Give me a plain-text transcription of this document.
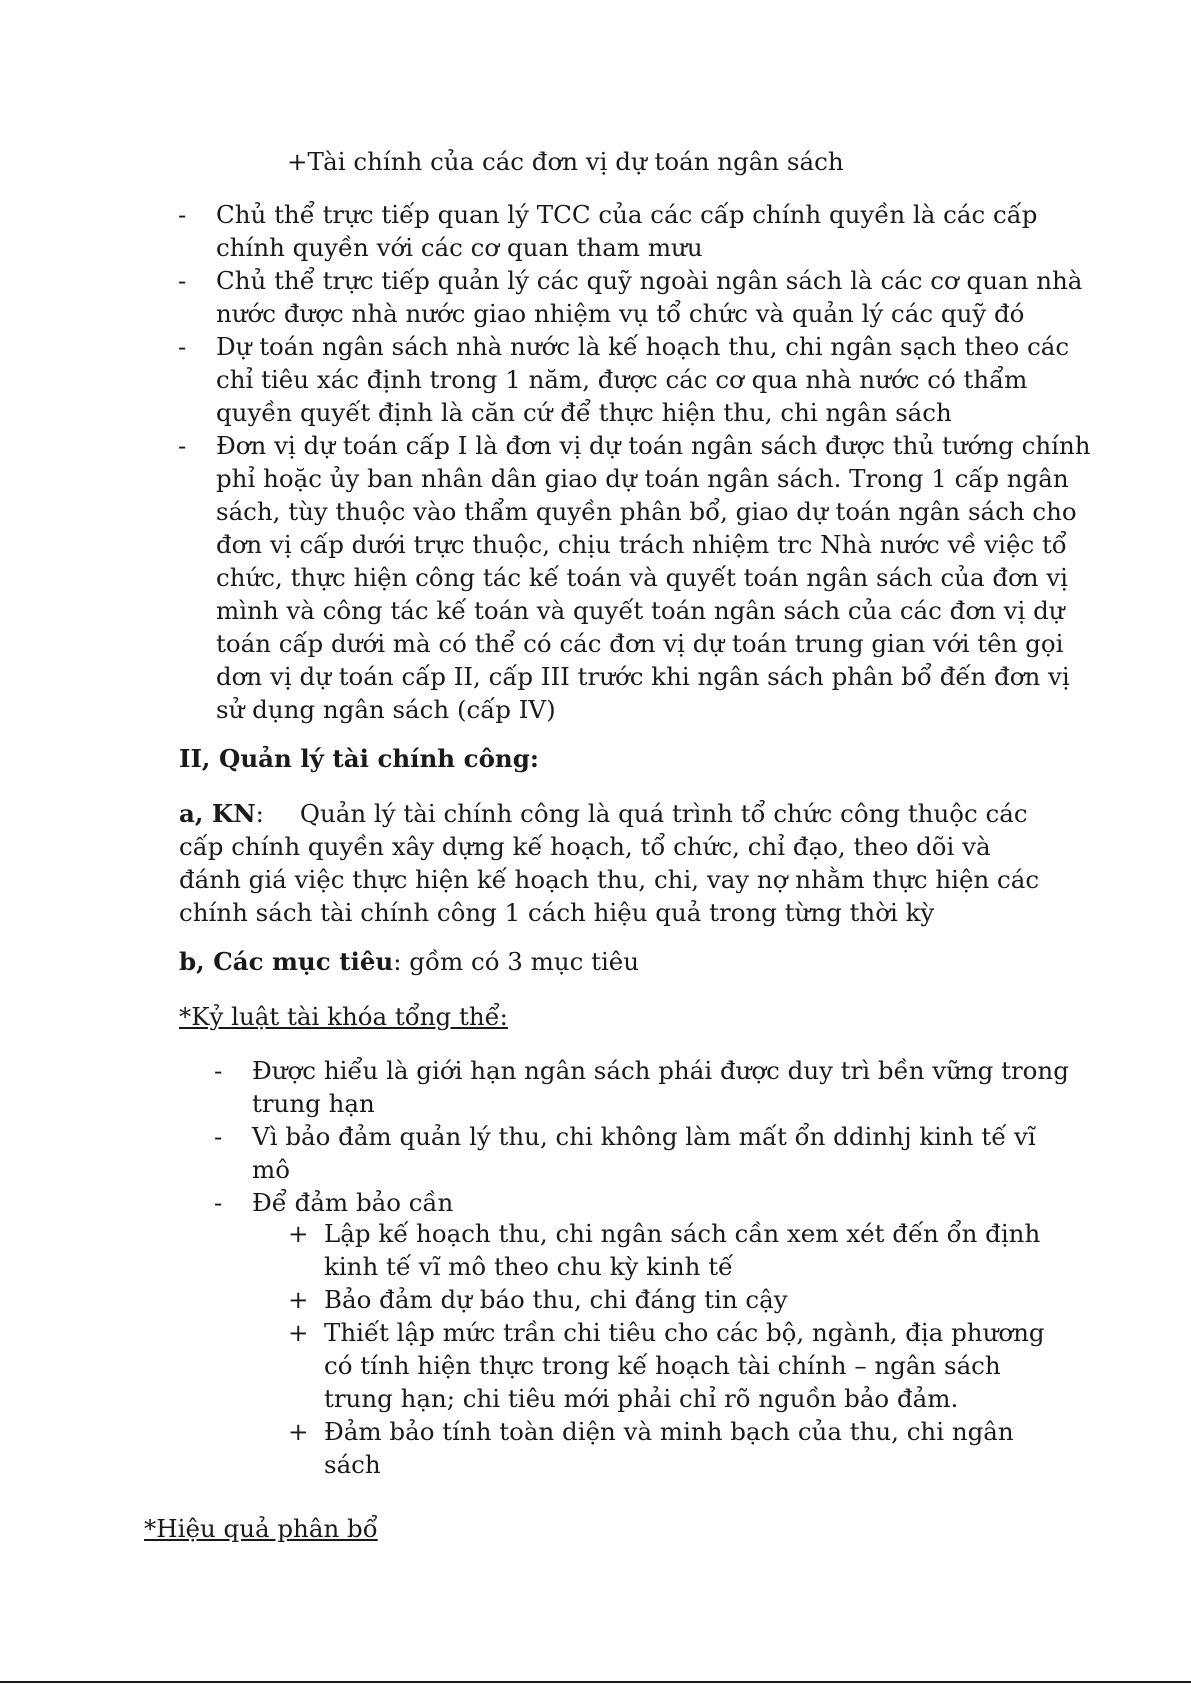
+Tài chính của các đơn vị dự toán ngân sách
- Chủ thể trực tiếp quan lý TCC của các cấp chính quyền là các cấp chính quyền với các cơ quan tham mưu
- Chủ thể trực tiếp quản lý các quỹ ngoài ngân sách là các cơ quan nhà nước được nhà nước giao nhiệm vụ tổ chức và quản lý các quỹ đó
- Dự toán ngân sách nhà nước là kế hoạch thu, chi ngân sạch theo các chỉ tiêu xác định trong 1 năm, được các cơ qua nhà nước có thẩm quyền quyết định là căn cứ để thực hiện thu, chi ngân sách
- Đơn vị dự toán cấp I là đơn vị dự toán ngân sách được thủ tướng chính phỉ hoặc ủy ban nhân dân giao dự toán ngân sách. Trong 1 cấp ngân sách, tùy thuộc vào thẩm quyền phân bổ, giao dự toán ngân sách cho đơn vị cấp dưới trực thuộc, chịu trách nhiệm trc Nhà nước về việc tổ chức, thực hiện công tác kế toán và quyết toán ngân sách của đơn vị mình và công tác kế toán và quyết toán ngân sách của các đơn vị dự toán cấp dưới mà có thể có các đơn vị dự toán trung gian với tên gọi dơn vị dự toán cấp II, cấp III trước khi ngân sách phân bổ đến đơn vị sử dụng ngân sách (cấp IV)
II, Quản lý tài chính công:
a, KN: Quản lý tài chính công là quá trình tổ chức công thuộc các cấp chính quyền xây dựng kế hoạch, tổ chức, chỉ đạo, theo dõi và đánh giá việc thực hiện kế hoạch thu, chi, vay nợ nhằm thực hiện các chính sách tài chính công 1 cách hiệu quả trong từng thời kỳ
b, Các mục tiêu: gồm có 3 mục tiêu
*Kỷ luật tài khóa tổng thể:
- Được hiểu là giới hạn ngân sách phái được duy trì bền vững trong trung hạn
- Vì bảo đảm quản lý thu, chi không làm mất ổn ddinhj kinh tế vĩ mô
- Để đảm bảo cần
+ Lập kế hoạch thu, chi ngân sách cần xem xét đến ổn định kinh tế vĩ mô theo chu kỳ kinh tế
+ Bảo đảm dự báo thu, chi đáng tin cậy
+ Thiết lập mức trần chi tiêu cho các bộ, ngành, địa phương có tính hiện thực trong kế hoạch tài chính – ngân sách trung hạn; chi tiêu mới phải chỉ rõ nguồn bảo đảm.
+ Đảm bảo tính toàn diện và minh bạch của thu, chi ngân sách
*Hiệu quả phân bổ
